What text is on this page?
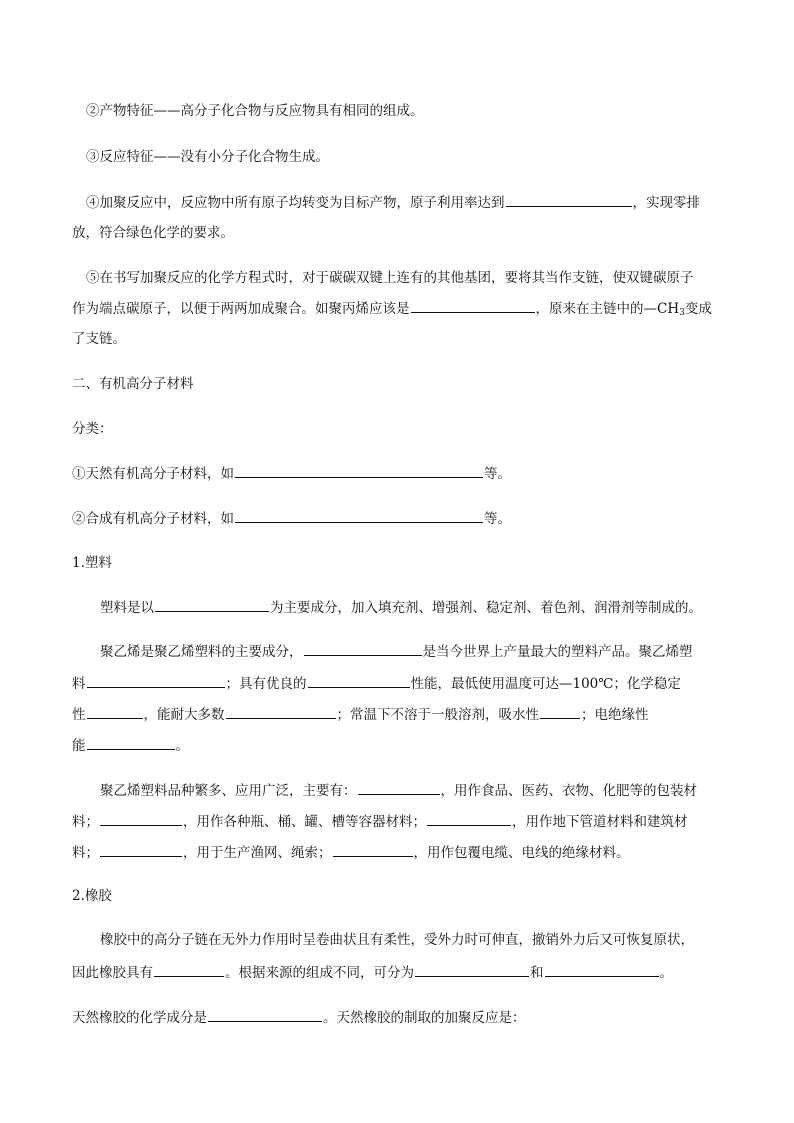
②产物特征——高分子化合物与反应物具有相同的组成。
③反应特征——没有小分子化合物生成。
④加聚反应中，反应物中所有原子均转变为目标产物，原子利用率达到	，实现零排
放，符合绿色化学的要求。
⑤在书写加聚反应的化学方程式时，对于碳碳双键上连有的其他基团，要将其当作支链，使双键碳原子
作为端点碳原子，以便于两两加成聚合。如聚丙烯应该是	，原来在主链中的$—CH_3$变成
了支链。
二、有机高分子材料
分类：
①天然有机高分子材料，如	等。
②合成有机高分子材料，如	等。
1.塑料
塑料是以	为主要成分，加入填充剂、增强剂、稳定剂、着色剂、润滑剂等制成的。
聚乙烯是聚乙烯塑料的主要成分，	是当今世界上产量最大的塑料产品。聚乙烯塑
料	；具有优良的	性能，最低使用温度可达—100℃；化学稳定
性	，能耐大多数	；常温下不溶于一般溶剂，吸水性	；电绝缘性
能	。
聚乙烯塑料品种繁多、应用广泛，主要有：	，用作食品、医药、衣物、化肥等的包装材
料；	，用作各种瓶、桶、罐、槽等容器材料；	，用作地下管道材料和建筑材
料；	，用于生产渔网、绳索；	，用作包覆电缆、电线的绝缘材料。
2.橡胶
橡胶中的高分子链在无外力作用时呈卷曲状且有柔性，受外力时可伸直，撤销外力后又可恢复原状，
因此橡胶具有	。根据来源的组成不同，可分为	和	。
天然橡胶的化学成分是	。天然橡胶的制取的加聚反应是：
